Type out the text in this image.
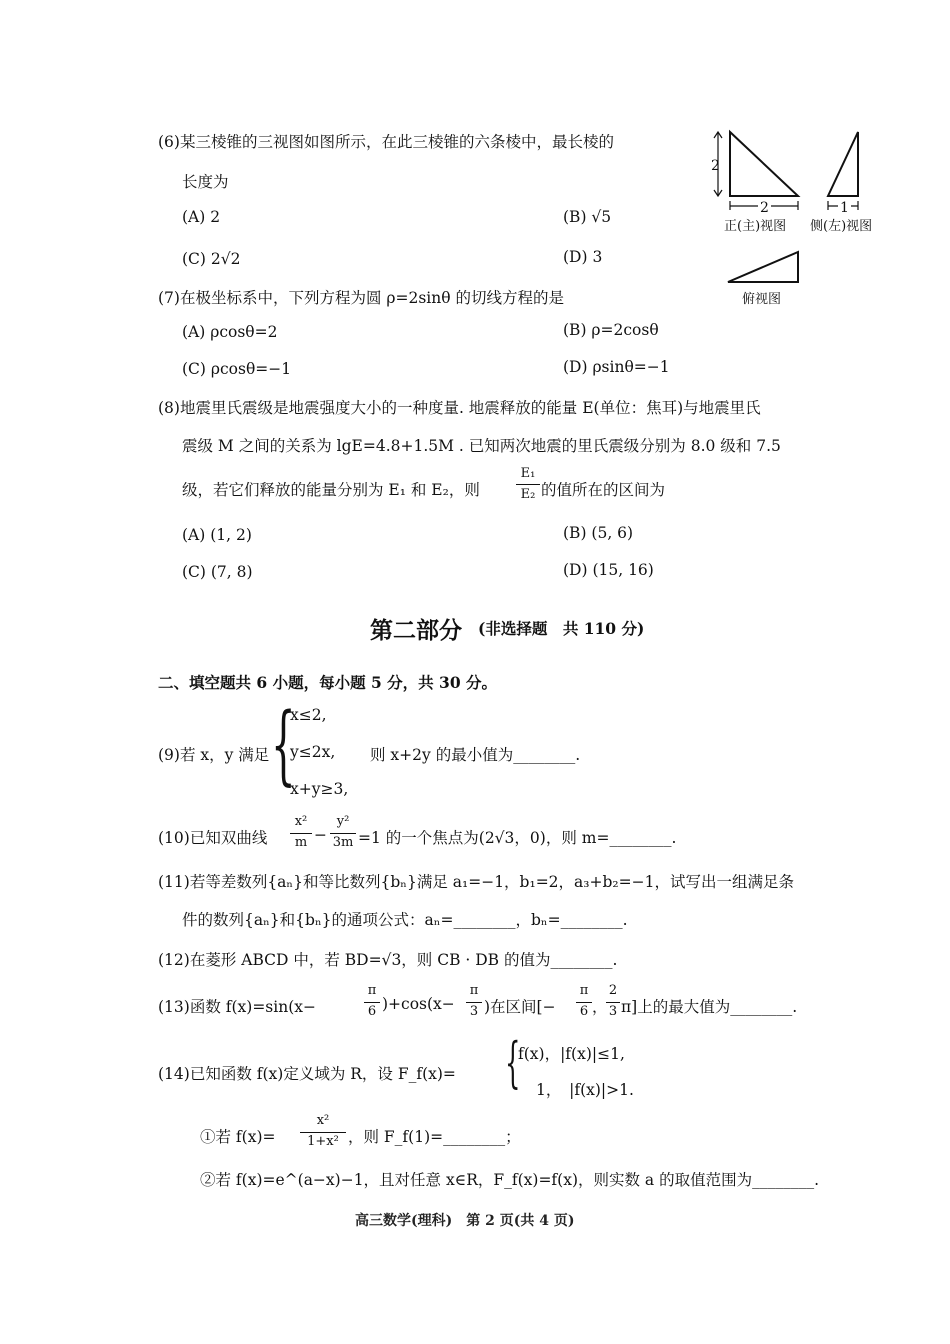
(6)某三棱锥的三视图如图所示，在此三棱锥的六条棱中，最长棱的
长度为
(A) 2	(B) √5
(C) 2√2	(D) 3
2
2
正(主)视图
1
侧(左)视图
俯视图
(7)在极坐标系中，下列方程为圆 ρ=2sinθ 的切线方程的是
(A) ρcosθ=2	(B) ρ=2cosθ
(C) ρcosθ=−1	(D) ρsinθ=−1
(8)地震里氏震级是地震强度大小的一种度量. 地震释放的能量 E(单位：焦耳)与地震里氏
震级 M 之间的关系为 lgE=4.8+1.5M . 已知两次地震的里氏震级分别为 8.0 级和 7.5
级，若它们释放的能量分别为 E₁ 和 E₂，则
E₁
E₂ 的值所在的区间为
(A) (1, 2)	(B) (5, 6)
(C) (7, 8)	(D) (15, 16)
第二部分 (非选择题　共 110 分)
二、填空题共 6 小题，每小题 5 分，共 30 分。
(9)若 x，y 满足 {
x≤2,
y≤2x,
x+y≥3,
则 x+2y 的最小值为________.
(10)已知双曲线
x²
m −
y²
3m =1 的一个焦点为(2√3，0)，则 m=________.
(11)若等差数列{aₙ}和等比数列{bₙ}满足 a₁=−1，b₁=2，a₃+b₂=−1，试写出一组满足条
件的数列{aₙ}和{bₙ}的通项公式：aₙ=________，bₙ=________.
(12)在菱形 ABCD 中，若 BD=√3，则 CB · DB 的值为________.
(13)函数 f(x)=sin(x−
π
6 )+cos(x−
π
3 )在区间[−
π
6 ，
2
3 π]上的最大值为________.
(14)已知函数 f(x)定义域为 R，设 F_f(x)= {
f(x)，|f(x)|≤1,
1，　|f(x)|>1.
①若 f(x)=
x²
1+x² ，则 F_f(1)=________；
②若 f(x)=e^(a−x)−1，且对任意 x∈R，F_f(x)=f(x)，则实数 a 的取值范围为________.
高三数学(理科)　第 2 页(共 4 页)
